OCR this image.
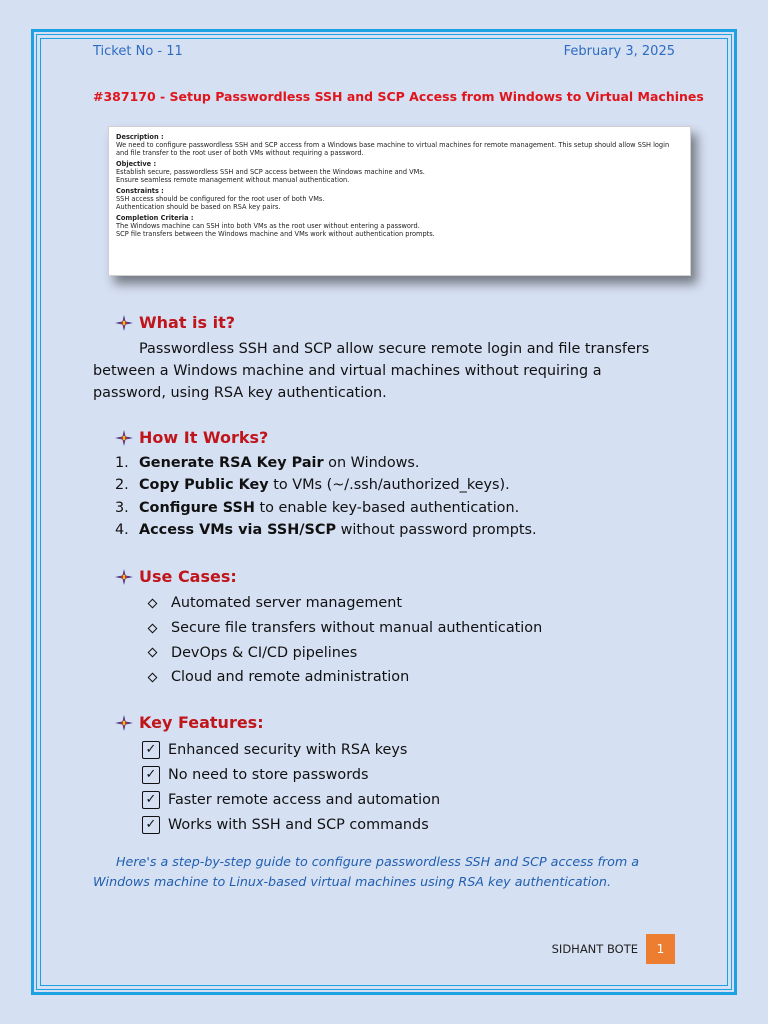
Ticket No - 11	February 3, 2025
#387170 - Setup Passwordless SSH and SCP Access from Windows to Virtual Machines
Description :
We need to configure passwordless SSH and SCP access from a Windows base machine to virtual machines for remote management. This setup should allow SSH login and file transfer to the root user of both VMs without requiring a password.
Objective :
Establish secure, passwordless SSH and SCP access between the Windows machine and VMs.
Ensure seamless remote management without manual authentication.
Constraints :
SSH access should be configured for the root user of both VMs.
Authentication should be based on RSA key pairs.
Completion Criteria :
The Windows machine can SSH into both VMs as the root user without entering a password.
SCP file transfers between the Windows machine and VMs work without authentication prompts.
What is it?
Passwordless SSH and SCP allow secure remote login and file transfers between a Windows machine and virtual machines without requiring a password, using RSA key authentication.
How It Works?
1. Generate RSA Key Pair on Windows.
2. Copy Public Key to VMs (~/.ssh/authorized_keys).
3. Configure SSH to enable key-based authentication.
4. Access VMs via SSH/SCP without password prompts.
Use Cases:
Automated server management
Secure file transfers without manual authentication
DevOps & CI/CD pipelines
Cloud and remote administration
Key Features:
✓ Enhanced security with RSA keys
✓ No need to store passwords
✓ Faster remote access and automation
✓ Works with SSH and SCP commands
Here's a step-by-step guide to configure passwordless SSH and SCP access from a Windows machine to Linux-based virtual machines using RSA key authentication.
SIDHANT BOTE	1
